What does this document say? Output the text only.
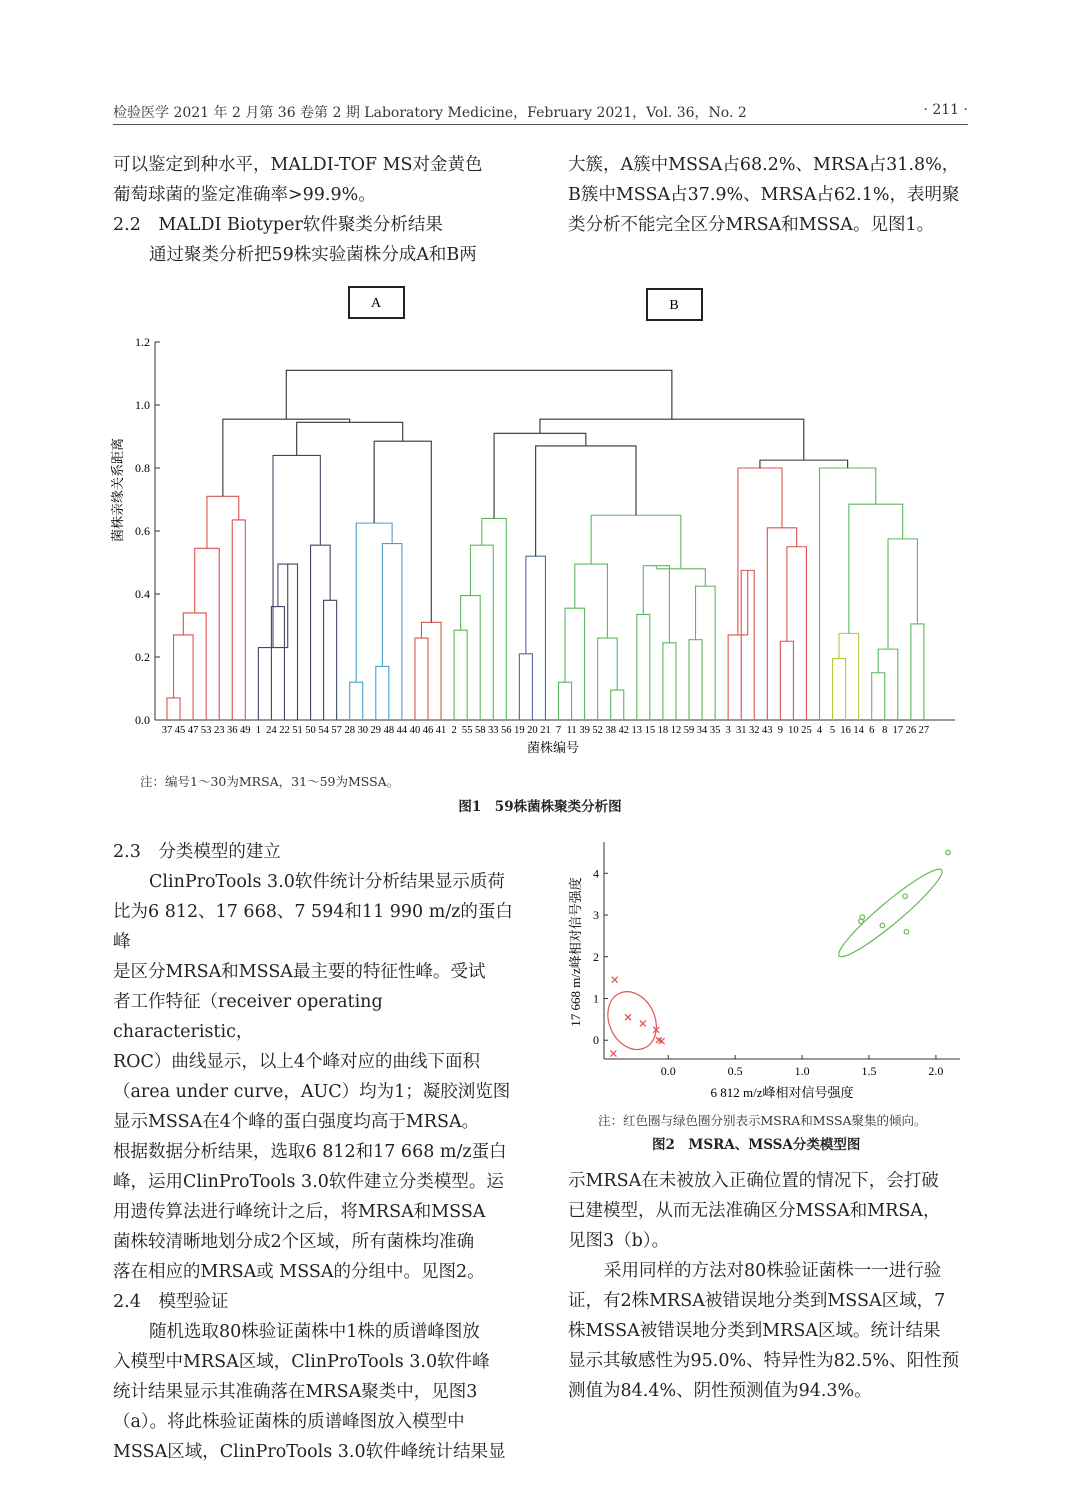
检验医学 2021 年 2 月第 36 卷第 2 期 Laboratory Medicine，February 2021，Vol. 36，No. 2	· 211 ·

可以鉴定到种水平，MALDI-TOF MS对金黄色

葡萄球菌的鉴定准确率>99.9%。

2.2　MALDI Biotyper软件聚类分析结果

通过聚类分析把59株实验菌株分成A和B两

大簇，A簇中MSSA占68.2%、MRSA占31.8%，

B簇中MSSA占37.9%、MRSA占62.1%，表明聚

类分析不能完全区分MRSA和MSSA。见图1。

A	B
0.0
0.2
0.4
0.6
0.8
1.0
1.2
37 45 47 53 23 36 49 1 24 22 51 50 54 57 28 30 29 48 44 40 46 41 2 55 58 33 56 19 20 21 7 11 39 52 38 42 13 15 18 12 59 34 35 3 31 32 43 9 10 25 4 5 16 14 6 8 17 26 27
菌株亲缘关系距离
菌株编号
注：编号1～30为MRSA，31～59为MSSA。
图1　59株菌株聚类分析图

2.3　分类模型的建立

ClinProTools 3.0软件统计分析结果显示质荷

比为6 812、17 668、7 594和11 990 m/z的蛋白峰

是区分MRSA和MSSA最主要的特征性峰。受试

者工作特征（receiver operating characteristic，

ROC）曲线显示，以上4个峰对应的曲线下面积

（area under curve，AUC）均为1；凝胶浏览图

显示MSSA在4个峰的蛋白强度均高于MRSA。

根据数据分析结果，选取6 812和17 668 m/z蛋白

峰，运用ClinProTools 3.0软件建立分类模型。运

用遗传算法进行峰统计之后，将MRSA和MSSA

菌株较清晰地划分成2个区域，所有菌株均准确

落在相应的MRSA或 MSSA的分组中。见图2。

2.4　模型验证

随机选取80株验证菌株中1株的质谱峰图放

入模型中MRSA区域，ClinProTools 3.0软件峰

统计结果显示其准确落在MRSA聚类中，见图3

（a）。将此株验证菌株的质谱峰图放入模型中

MSSA区域，ClinProTools 3.0软件峰统计结果显

0.0	0.5	1.0	1.5	2.0
0
1
2
3
4
6 812 m/z峰相对信号强度
17 668 m/z峰相对信号强度
注：红色圈与绿色圈分别表示MSRA和MSSA聚集的倾向。
图2　MSRA、MSSA分类模型图

示MRSA在未被放入正确位置的情况下，会打破

已建模型，从而无法准确区分MSSA和MRSA，

见图3（b）。

采用同样的方法对80株验证菌株一一进行验

证，有2株MRSA被错误地分类到MSSA区域，7

株MSSA被错误地分类到MRSA区域。统计结果

显示其敏感性为95.0%、特异性为82.5%、阳性预

测值为84.4%、阴性预测值为94.3%。
